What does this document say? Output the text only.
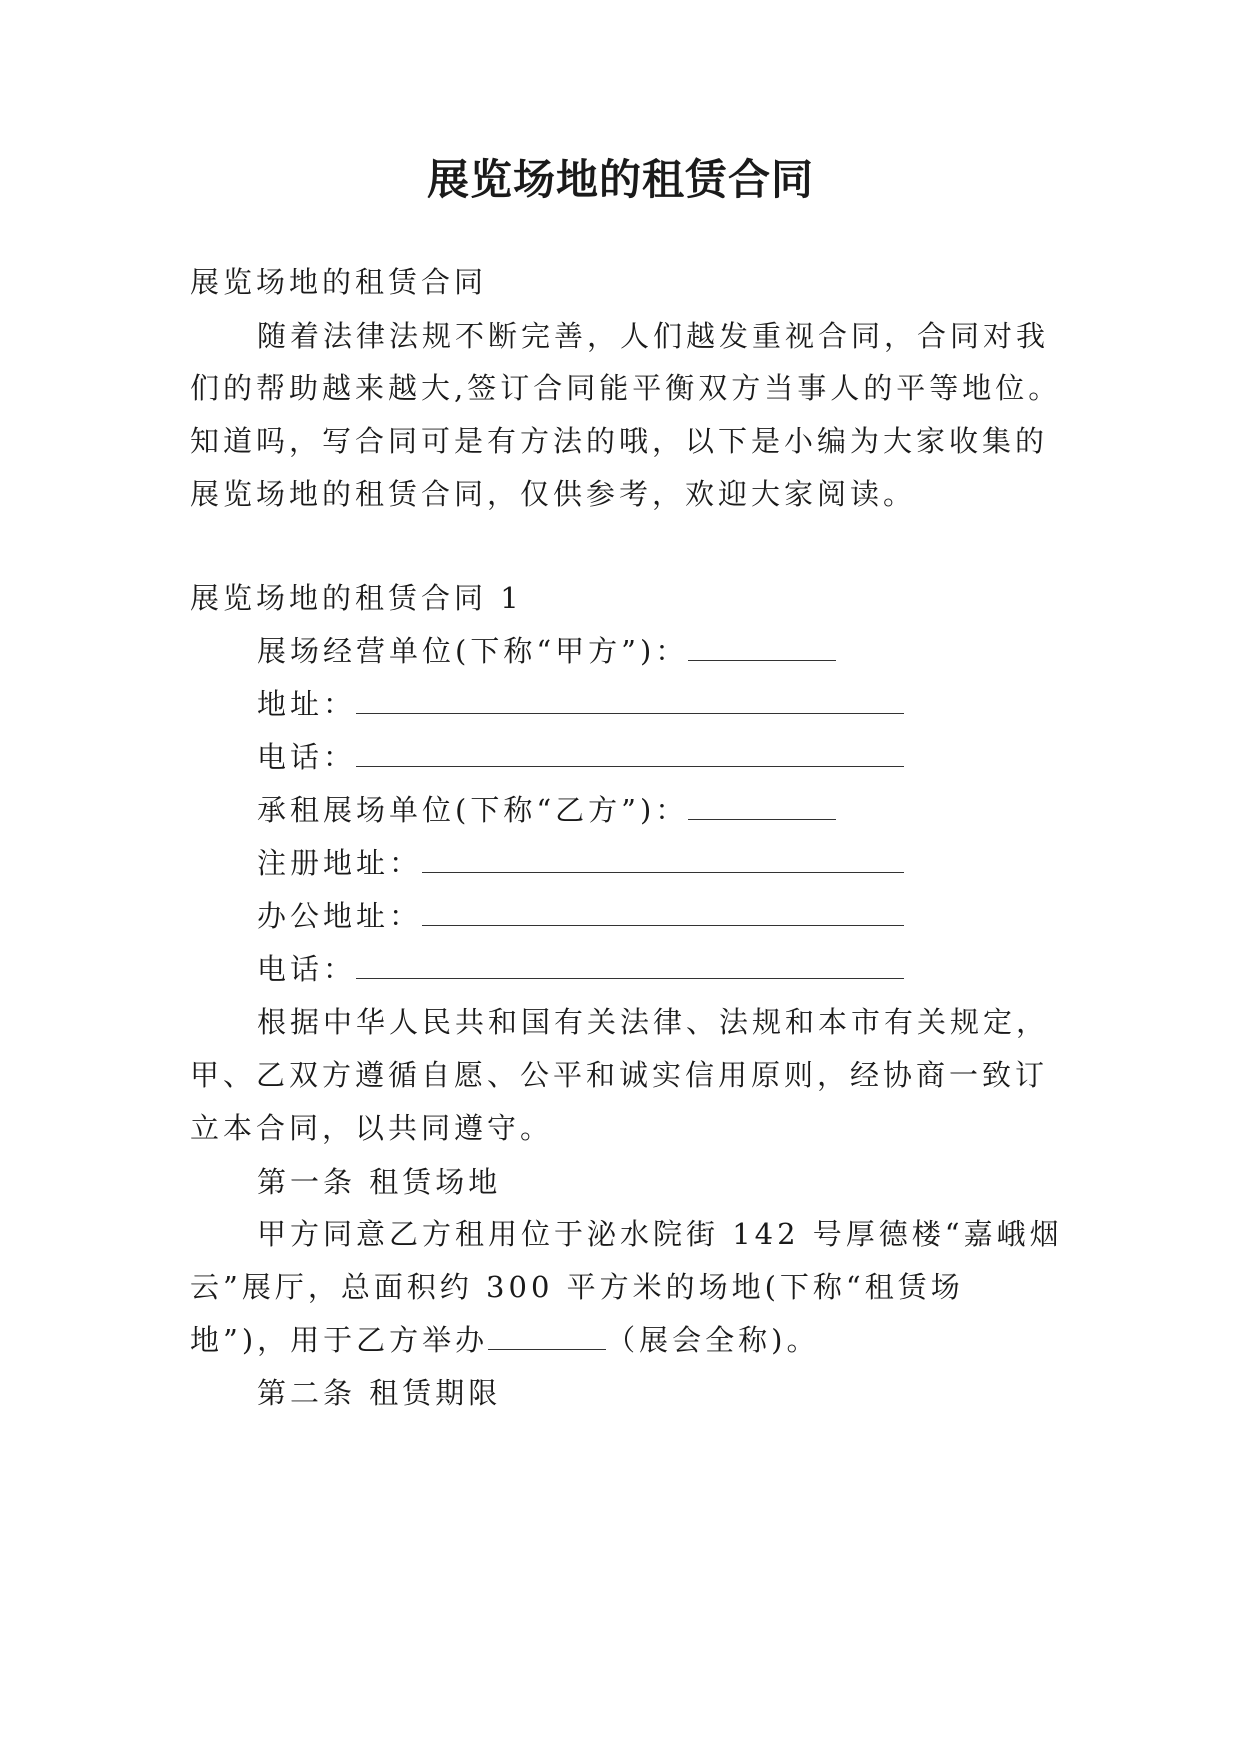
展览场地的租赁合同
展览场地的租赁合同
随着法律法规不断完善，人们越发重视合同，合同对我
们的帮助越来越大,签订合同能平衡双方当事人的平等地位。
知道吗，写合同可是有方法的哦，以下是小编为大家收集的
展览场地的租赁合同，仅供参考，欢迎大家阅读。
展览场地的租赁合同 1
展场经营单位(下称“甲方”)：
地址：
电话：
承租展场单位(下称“乙方”)：
注册地址：
办公地址：
电话：
根据中华人民共和国有关法律、法规和本市有关规定，
甲、乙双方遵循自愿、公平和诚实信用原则，经协商一致订
立本合同，以共同遵守。
第一条 租赁场地
甲方同意乙方租用位于泌水院街 142 号厚德楼“嘉峨烟
云”展厅，总面积约 300 平方米的场地(下称“租赁场
地”)，用于乙方举办	（展会全称)。
第二条 租赁期限
